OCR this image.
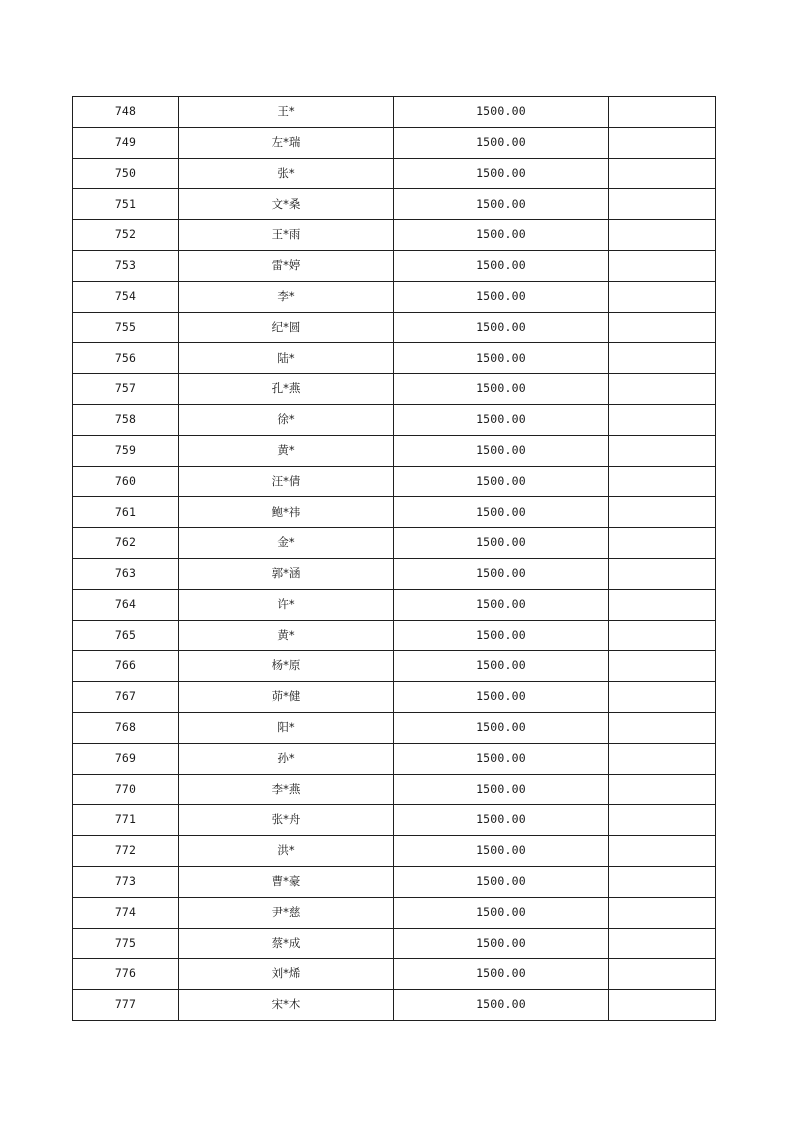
748	王*	1500.00	
749	左*瑞	1500.00	
750	张*	1500.00	
751	文*桑	1500.00	
752	王*雨	1500.00	
753	雷*婷	1500.00	
754	李*	1500.00	
755	纪*圆	1500.00	
756	陆*	1500.00	
757	孔*燕	1500.00	
758	徐*	1500.00	
759	黄*	1500.00	
760	汪*倩	1500.00	
761	鲍*祎	1500.00	
762	金*	1500.00	
763	郭*涵	1500.00	
764	许*	1500.00	
765	黄*	1500.00	
766	杨*原	1500.00	
767	茆*健	1500.00	
768	阳*	1500.00	
769	孙*	1500.00	
770	李*燕	1500.00	
771	张*舟	1500.00	
772	洪*	1500.00	
773	曹*豪	1500.00	
774	尹*慈	1500.00	
775	蔡*成	1500.00	
776	刘*烯	1500.00	
777	宋*木	1500.00	
